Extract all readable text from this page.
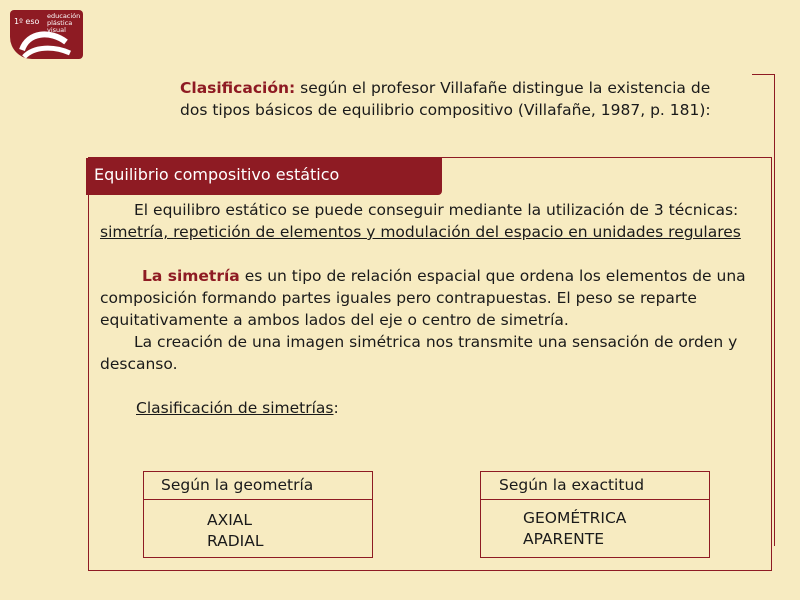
1º eso
educación
plástica
visual
Clasificación: según el profesor Villafañe distingue la existencia de dos tipos básicos de equilibrio compositivo (Villafañe, 1987, p. 181):
Equilibrio compositivo estático

El equilibro estático se puede conseguir mediante la utilización de 3 técnicas: simetría, repetición de elementos y modulación del espacio en unidades regulares

La simetría es un tipo de relación espacial que ordena los elementos de una composición formando partes iguales pero contrapuestas. El peso se reparte equitativamente a ambos lados del eje o centro de simetría.

La creación de una imagen simétrica nos transmite una sensación de orden y descanso.

Clasificación de simetrías:

Según la geometría
AXIAL
RADIAL
Según la exactitud
GEOMÉTRICA
APARENTE
